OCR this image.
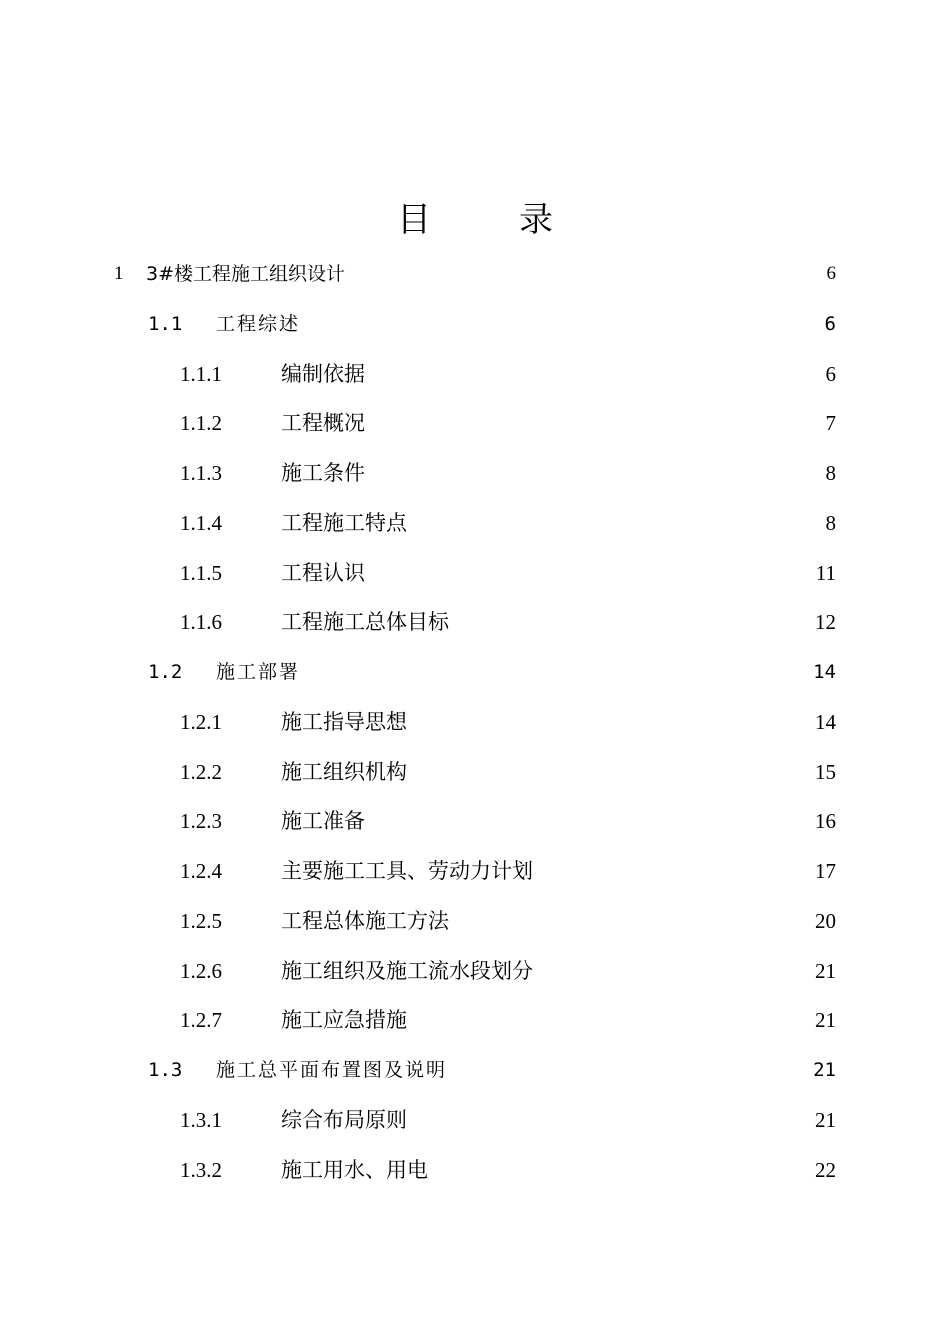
目	录
1 3#楼工程施工组织设计	6
1.1 工程综述	6
1.1.1	编制依据	6
1.1.2	工程概况	7
1.1.3	施工条件	8
1.1.4	工程施工特点	8
1.1.5	工程认识	11
1.1.6	工程施工总体目标	12
1.2 施工部署	14
1.2.1	施工指导思想	14
1.2.2	施工组织机构	15
1.2.3	施工准备	16
1.2.4	主要施工工具、劳动力计划	17
1.2.5	工程总体施工方法	20
1.2.6	施工组织及施工流水段划分	21
1.2.7	施工应急措施	21
1.3 施工总平面布置图及说明	21
1.3.1	综合布局原则	21
1.3.2	施工用水、用电	22
